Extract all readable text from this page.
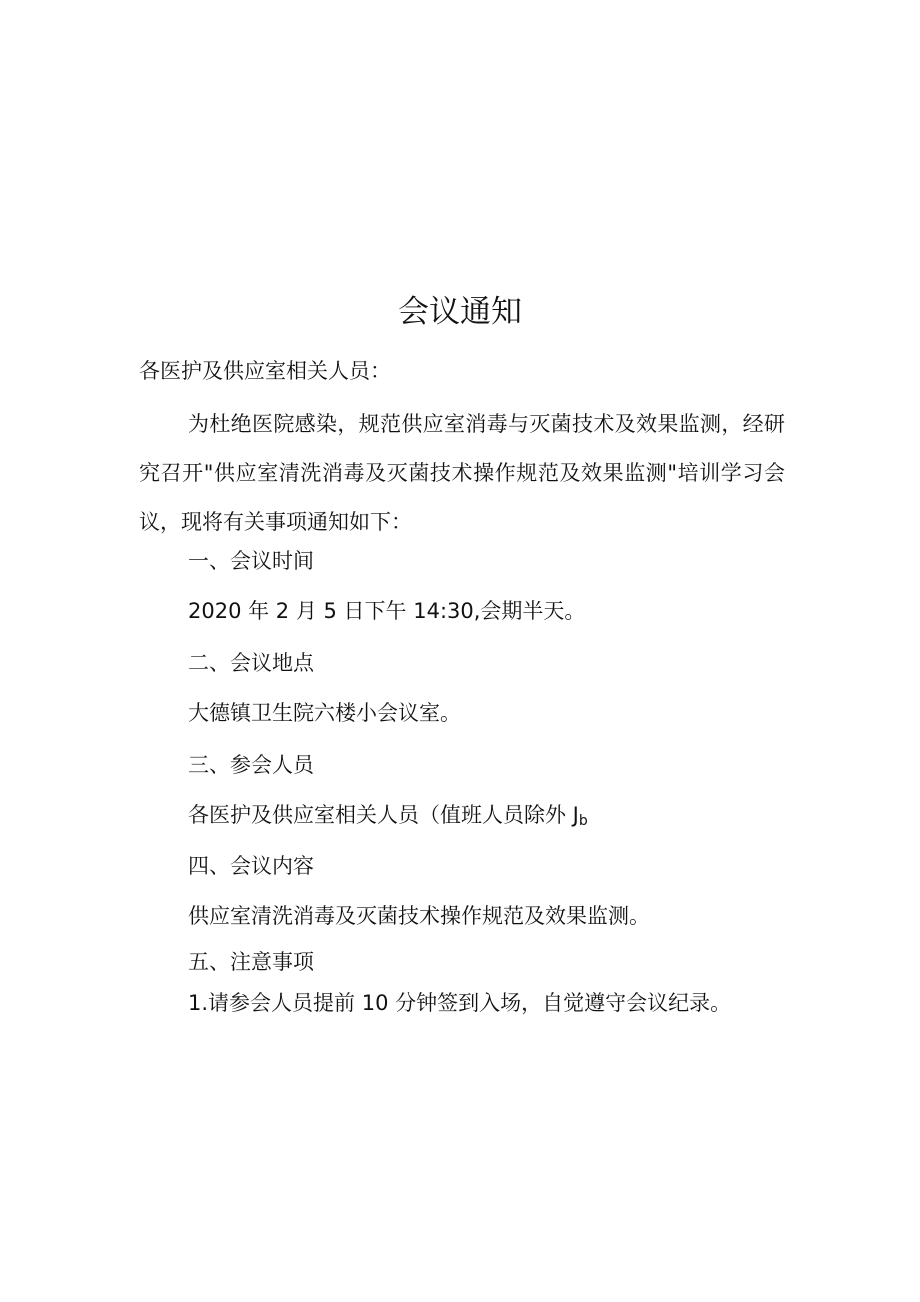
会议通知
各医护及供应室相关人员：
为杜绝医院感染，规范供应室消毒与灭菌技术及效果监测，经研究召开"供应室清洗消毒及灭菌技术操作规范及效果监测"培训学习会议，现将有关事项通知如下：
一、会议时间
2020 年 2 月 5 日下午 14:30,会期半天。
二、会议地点
大德镇卫生院六楼小会议室。
三、参会人员
各医护及供应室相关人员（值班人员除外 $J_b$
四、会议内容
供应室清洗消毒及灭菌技术操作规范及效果监测。
五、注意事项
1.请参会人员提前 10 分钟签到入场，自觉遵守会议纪录。
